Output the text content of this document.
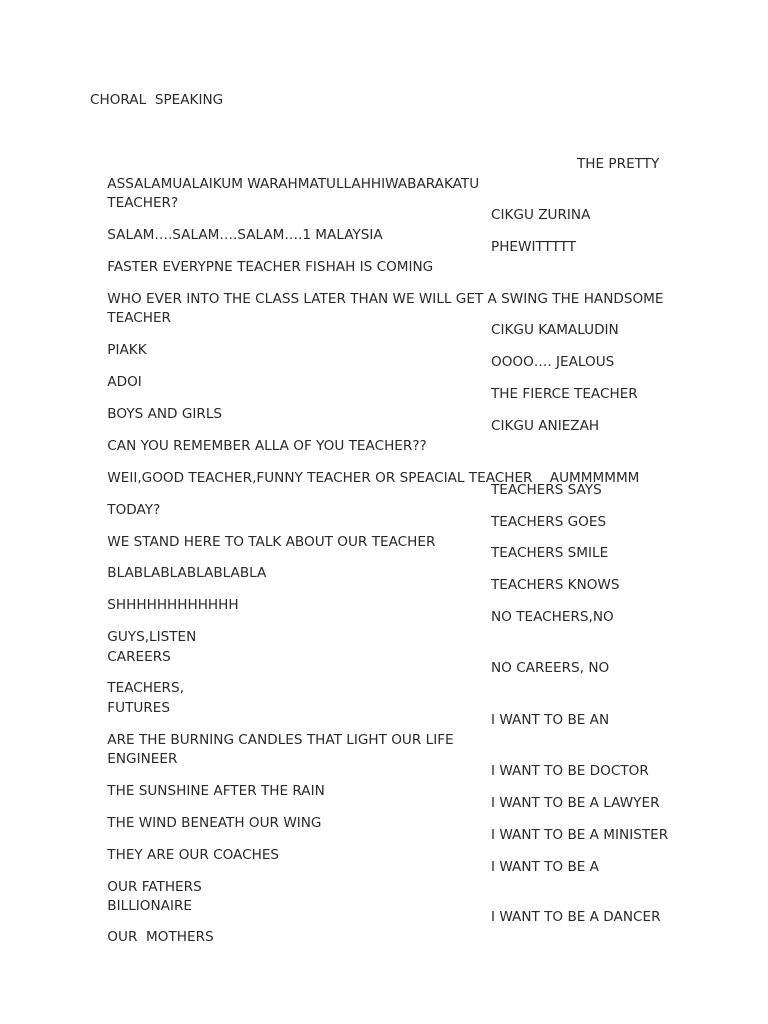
CHORAL  SPEAKING

ASSALAMUALAIKUM WARAHMATULLAHHIWABARAKATU

THE PRETTY

TEACHER?

SALAM….SALAM….SALAM….1 MALAYSIA

CIKGU ZURINA

FASTER EVERYPNE TEACHER FISHAH IS COMING

PHEWITTTTT

WHO EVER INTO THE CLASS LATER THAN WE WILL GET A SWING THE HANDSOME

TEACHER

PIAKK

CIKGU KAMALUDIN

ADOI

OOOO…. JEALOUS

BOYS AND GIRLS

THE FIERCE TEACHER

CAN YOU REMEMBER ALLA OF YOU TEACHER??

CIKGU ANIEZAH

WEII,GOOD TEACHER,FUNNY TEACHER OR SPEACIAL TEACHER    AUMMMMMM

TODAY?

TEACHERS SAYS

WE STAND HERE TO TALK ABOUT OUR TEACHER

TEACHERS GOES

BLABLABLABLABLABLA

TEACHERS SMILE

SHHHHHHHHHHHH

TEACHERS KNOWS

GUYS,LISTEN

NO TEACHERS,NO

CAREERS

TEACHERS,

NO CAREERS, NO

FUTURES

ARE THE BURNING CANDLES THAT LIGHT OUR LIFE

I WANT TO BE AN

ENGINEER

THE SUNSHINE AFTER THE RAIN

I WANT TO BE DOCTOR

THE WIND BENEATH OUR WING

I WANT TO BE A LAWYER

THEY ARE OUR COACHES

I WANT TO BE A MINISTER

OUR FATHERS

I WANT TO BE A

BILLIONAIRE

OUR  MOTHERS

I WANT TO BE A DANCER
